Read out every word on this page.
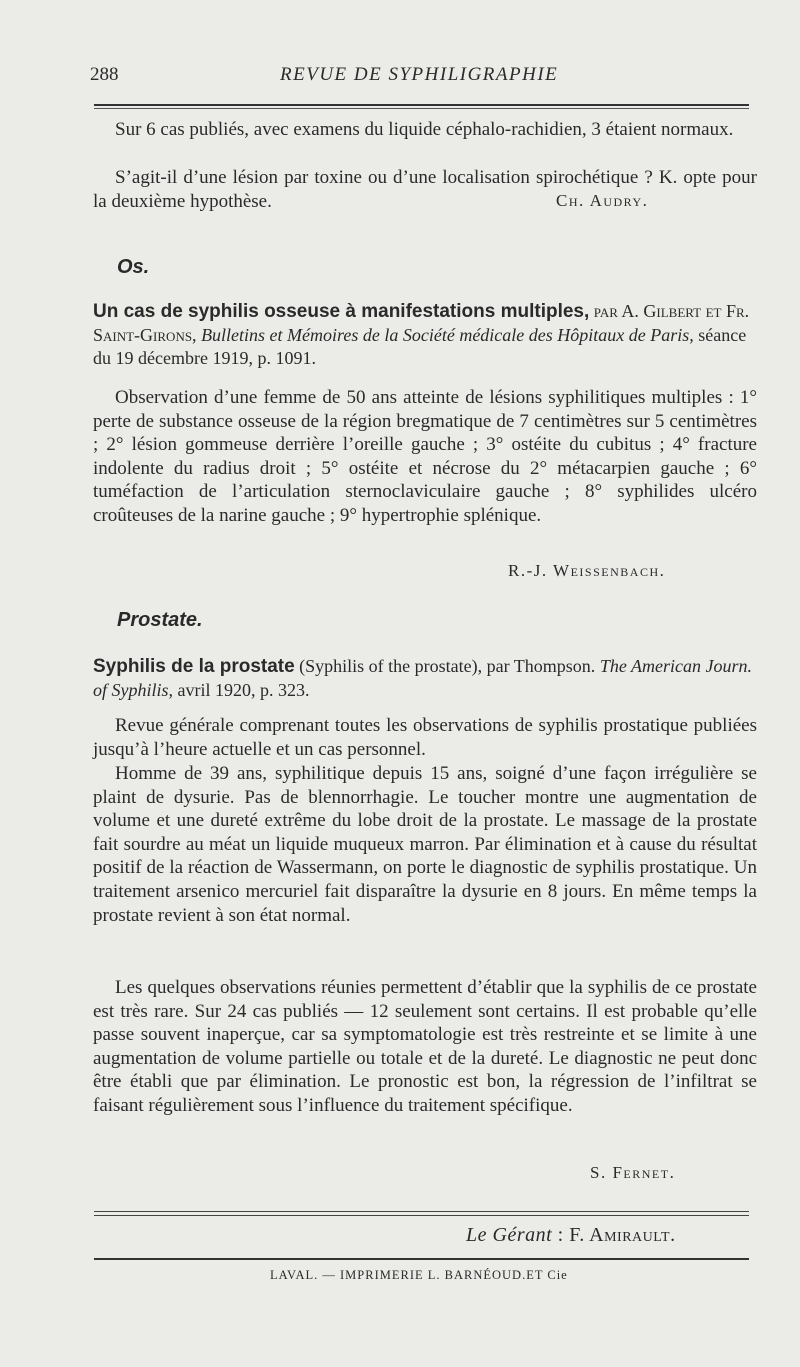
288	REVUE DE SYPHILIGRAPHIE

Sur 6 cas publiés, avec examens du liquide céphalo-rachidien, 3 étaient normaux.

S’agit-il d’une lésion par toxine ou d’une localisation spirochétique ? K. opte pour la deuxième hypothèse.	Ch. Audry.
Os.
Un cas de syphilis osseuse à manifestations multiples, par A. Gilbert et Fr. Saint-Girons, Bulletins et Mémoires de la Société médicale des Hôpitaux de Paris, séance du 19 décembre 1919, p. 1091.

Observation d’une femme de 50 ans atteinte de lésions syphilitiques multiples : 1° perte de substance osseuse de la région bregmatique de 7 centimètres sur 5 centimètres ; 2° lésion gommeuse derrière l’oreille gauche ; 3° ostéite du cubitus ; 4° fracture indolente du radius droit ; 5° ostéite et nécrose du 2° métacarpien gauche ; 6° tuméfaction de l’articulation sternoclaviculaire gauche ; 8° syphilides ulcéro croûteuses de la narine gauche ; 9° hypertrophie splénique.

R.-J. Weissenbach.
Prostate.
Syphilis de la prostate (Syphilis of the prostate), par Thompson. The American Journ. of Syphilis, avril 1920, p. 323.

Revue générale comprenant toutes les observations de syphilis prostatique publiées jusqu’à l’heure actuelle et un cas personnel.

Homme de 39 ans, syphilitique depuis 15 ans, soigné d’une façon irrégulière se plaint de dysurie. Pas de blennorrhagie. Le toucher montre une augmentation de volume et une dureté extrême du lobe droit de la prostate. Le massage de la prostate fait sourdre au méat un liquide muqueux marron. Par élimination et à cause du résultat positif de la réaction de Wassermann, on porte le diagnostic de syphilis prostatique. Un traitement arsenico mercuriel fait disparaître la dysurie en 8 jours. En même temps la prostate revient à son état normal.

Les quelques observations réunies permettent d’établir que la syphilis de ce prostate est très rare. Sur 24 cas publiés — 12 seulement sont certains. Il est probable qu’elle passe souvent inaperçue, car sa symptomatologie est très restreinte et se limite à une augmentation de volume partielle ou totale et de la dureté. Le diagnostic ne peut donc être établi que par élimination. Le pronostic est bon, la régression de l’infiltrat se faisant régulièrement sous l’influence du traitement spécifique.

S. Fernet.
Le Gérant : F. Amirault.
LAVAL. — IMPRIMERIE L. BARNÉOUD.ET Cie
